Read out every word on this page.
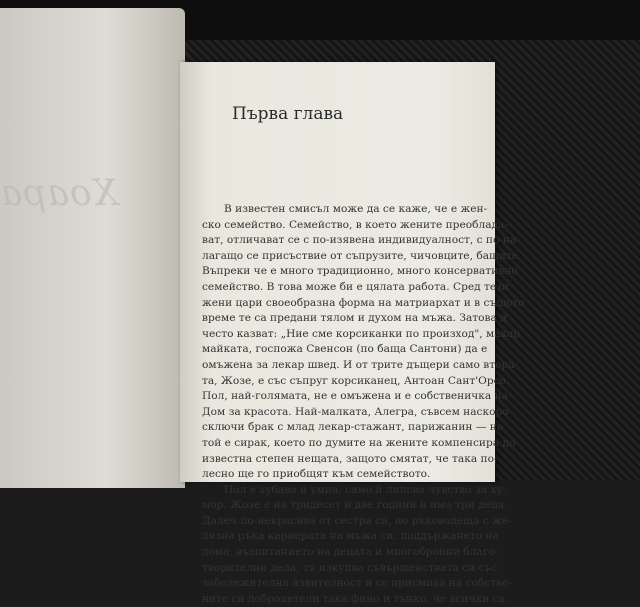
Хоара
Първа глава
В известен смисъл може да се каже, че е жен-
ско семейство. Семейство, в което жените преоблада-
ват, отличават се с по-изявена индивидуалност, с по-на-
лагащо се присъствие от съпрузите, чичовците, бащите.
Въпреки че е много традиционно, много консервативно
семейство. В това може би е цялата работа. Сред тези
жени цари своеобразна форма на матриархат и в същото
време те са предани тялом и духом на мъжа. Затова и
често казват: „Ние сме корсиканки по произход", макар
майката, госпожа Свенсон (по баща Сантони) да е
омъжена за лекар швед. И от трите дъщери само втора-
та, Жозе, е със съпруг корсиканец, Антоан Сант'Орсо.
Пол, най-голямата, не е омъжена и е собственичка на
Дом за красота. Най-малката, Алегра, съвсем наскоро
сключи брак с млад лекар-стажант, парижанин — но
той е сирак, което по думите на жените компенсира до
известна степен нещата, защото смятат, че така по-
лесно ще го приобщят към семейството.
Пол е хубава и умна; само й липсва чувство за ху-
мор. Жозе е на тридесет и две години и има три деца.
Далеч по-некрасива от сестра си, но ръководеща с же-
лязна ръка кариерата на мъжа си, поддържането на
дома, възпитанието на децата и многобройни благо-
творителни дела, тя изкупва съвършенствата си със
забележителна язвителност и се присмива на собстве-
ните си добродетели така фино и тънко, че всички са
